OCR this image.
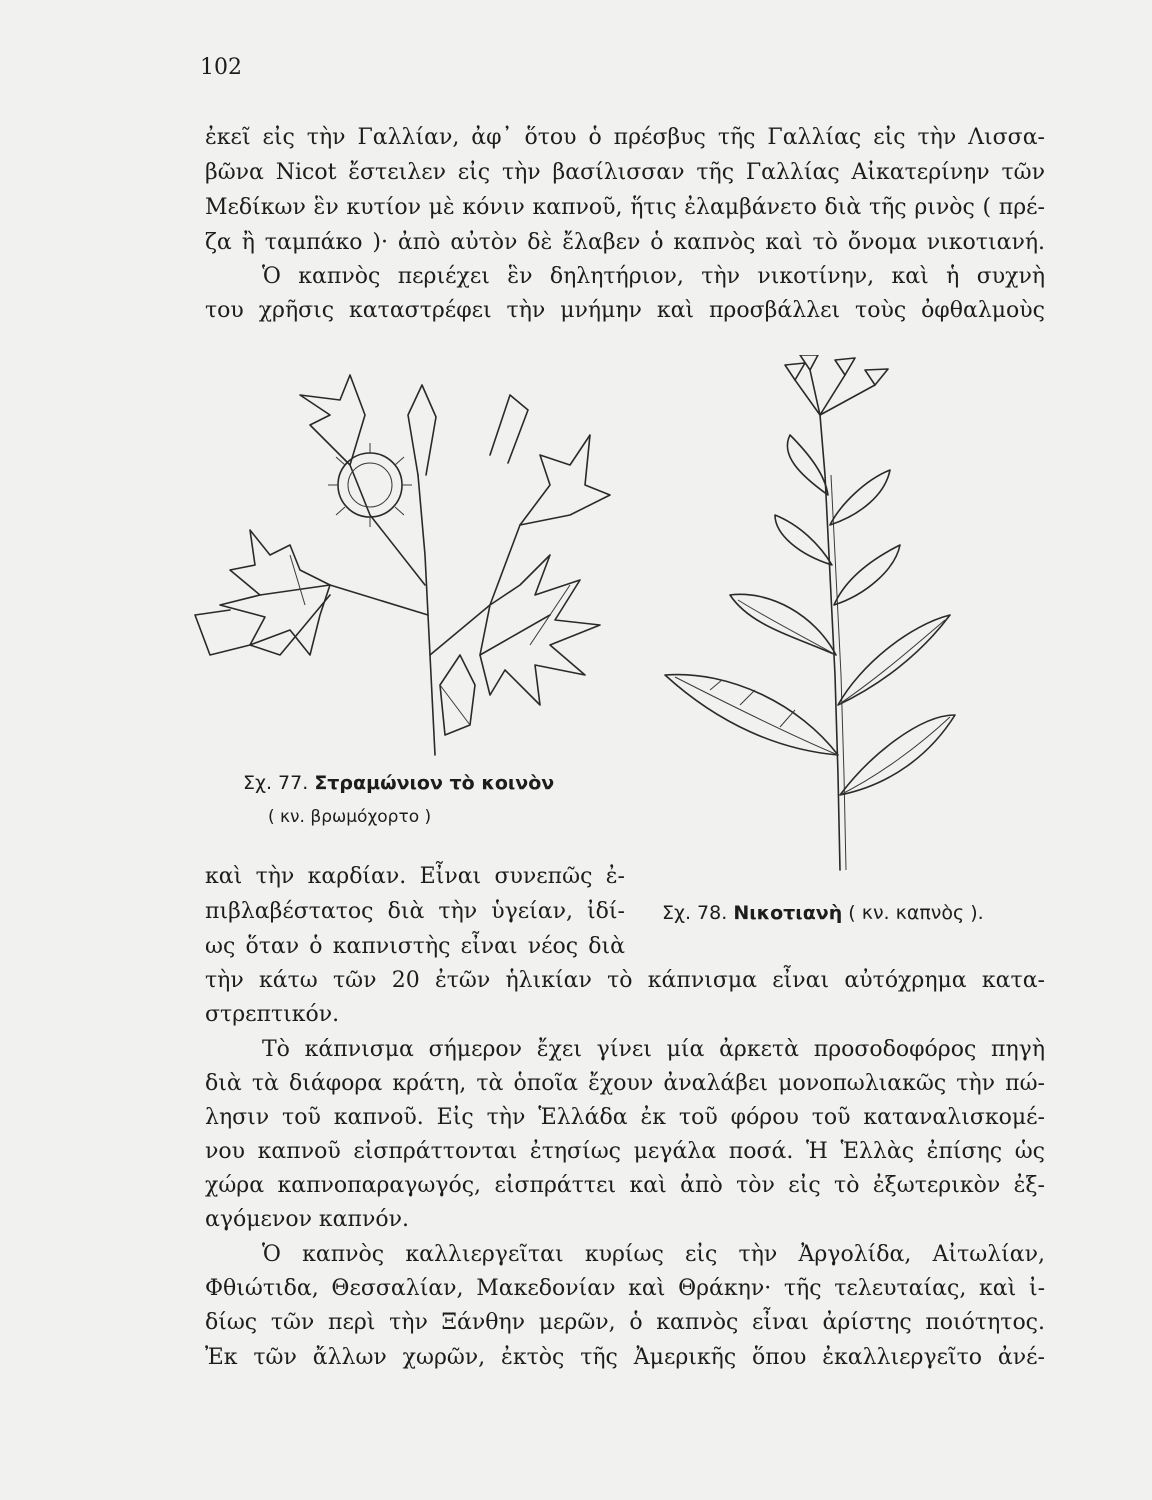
102
ἐκεῖ εἰς τὴν Γαλλίαν, ἀφ᾽ ὅτου ὁ πρέσβυς τῆς Γαλλίας εἰς τὴν Λισσα-
βῶνα Nicot ἔστειλεν εἰς τὴν βασίλισσαν τῆς Γαλλίας Αἰκατερίνην τῶν
Μεδίκων ἓν κυτίον μὲ κόνιν καπνοῦ, ἥτις ἐλαμβάνετο διὰ τῆς ρινὸς ( πρέ-
ζα ἢ ταμπάκο )· ἀπὸ αὐτὸν δὲ ἔλαβεν ὁ καπνὸς καὶ τὸ ὄνομα νικοτιανή.
Ὁ καπνὸς περιέχει ἓν δηλητήριον, τὴν νικοτίνην, καὶ ἡ συχνὴ
του χρῆσις καταστρέφει τὴν μνήμην καὶ προσβάλλει τοὺς ὀφθαλμοὺς
Σχ. 77. Στραμώνιον τὸ κοινὸν
( κν. βρωμόχορτο )
Σχ. 78. Νικοτιανὴ ( κν. καπνὸς ).
καὶ τὴν καρδίαν. Εἶναι συνεπῶς ἐ-
πιβλαβέστατος διὰ τὴν ὑγείαν, ἰδί-
ως ὅταν ὁ καπνιστὴς εἶναι νέος διὰ
τὴν κάτω τῶν 20 ἐτῶν ἡλικίαν τὸ κάπνισμα εἶναι αὐτόχρημα κατα-
στρεπτικόν.
Τὸ κάπνισμα σήμερον ἔχει γίνει μία ἀρκετὰ προσοδοφόρος πηγὴ
διὰ τὰ διάφορα κράτη, τὰ ὁποῖα ἔχουν ἀναλάβει μονοπωλιακῶς τὴν πώ-
λησιν τοῦ καπνοῦ. Εἰς τὴν Ἑλλάδα ἐκ τοῦ φόρου τοῦ καταναλισκομέ-
νου καπνοῦ εἰσπράττονται ἐτησίως μεγάλα ποσά. Ἡ Ἑλλὰς ἐπίσης ὡς
χώρα καπνοπαραγωγός, εἰσπράττει καὶ ἀπὸ τὸν εἰς τὸ ἐξωτερικὸν ἐξ-
αγόμενον καπνόν.
Ὁ καπνὸς καλλιεργεῖται κυρίως εἰς τὴν Ἀργολίδα, Αἰτωλίαν,
Φθιώτιδα, Θεσσαλίαν, Μακεδονίαν καὶ Θράκην· τῆς τελευταίας, καὶ ἰ-
δίως τῶν περὶ τὴν Ξάνθην μερῶν, ὁ καπνὸς εἶναι ἀρίστης ποιότητος.
Ἐκ τῶν ἄλλων χωρῶν, ἐκτὸς τῆς Ἀμερικῆς ὅπου ἐκαλλιεργεῖτο ἀνέ-
